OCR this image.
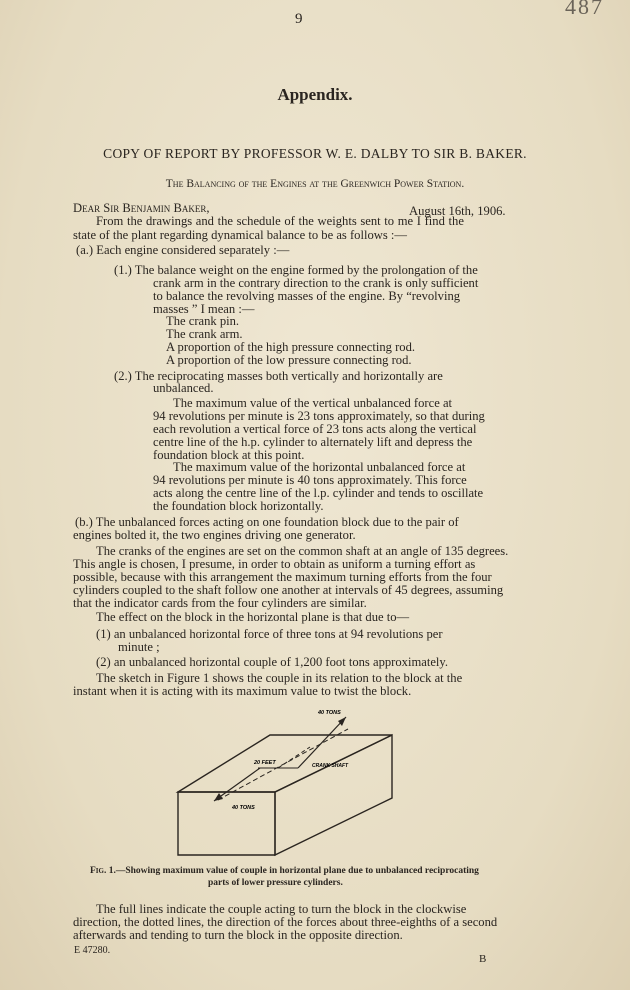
9	487
Appendix.
COPY OF REPORT BY PROFESSOR W. E. DALBY TO SIR B. BAKER.
The Balancing of the Engines at the Greenwich Power Station.
Dear Sir Benjamin Baker,	August 16th, 1906.
From the drawings and the schedule of the weights sent to me I find the
state of the plant regarding dynamical balance to be as follows :—
(a.) Each engine considered separately :—
(1.) The balance weight on the engine formed by the prolongation of the
crank arm in the contrary direction to the crank is only sufficient
to balance the revolving masses of the engine. By “revolving
masses ” I mean :—
The crank pin.
The crank arm.
A proportion of the high pressure connecting rod.
A proportion of the low pressure connecting rod.
(2.) The reciprocating masses both vertically and horizontally are
unbalanced.
The maximum value of the vertical unbalanced force at
94 revolutions per minute is 23 tons approximately, so that during
each revolution a vertical force of 23 tons acts along the vertical
centre line of the h.p. cylinder to alternately lift and depress the
foundation block at this point.
The maximum value of the horizontal unbalanced force at
94 revolutions per minute is 40 tons approximately. This force
acts along the centre line of the l.p. cylinder and tends to oscillate
the foundation block horizontally.
(b.) The unbalanced forces acting on one foundation block due to the pair of
engines bolted it, the two engines driving one generator.
The cranks of the engines are set on the common shaft at an angle of 135 degrees.
This angle is chosen, I presume, in order to obtain as uniform a turning effort as
possible, because with this arrangement the maximum turning efforts from the four
cylinders coupled to the shaft follow one another at intervals of 45 degrees, assuming
that the indicator cards from the four cylinders are similar.
The effect on the block in the horizontal plane is that due to—
(1) an unbalanced horizontal force of three tons at 94 revolutions per
minute ;
(2) an unbalanced horizontal couple of 1,200 foot tons approximately.
The sketch in Figure 1 shows the couple in its relation to the block at the
instant when it is acting with its maximum value to twist the block.
40 TONS
20 FEET	CRANK SHAFT
40 TONS
Fig. 1.—Showing maximum value of couple in horizontal plane due to unbalanced reciprocating
parts of lower pressure cylinders.
The full lines indicate the couple acting to turn the block in the clockwise
direction, the dotted lines, the direction of the forces about three-eighths of a second
afterwards and tending to turn the block in the opposite direction.
E 47280.
B
